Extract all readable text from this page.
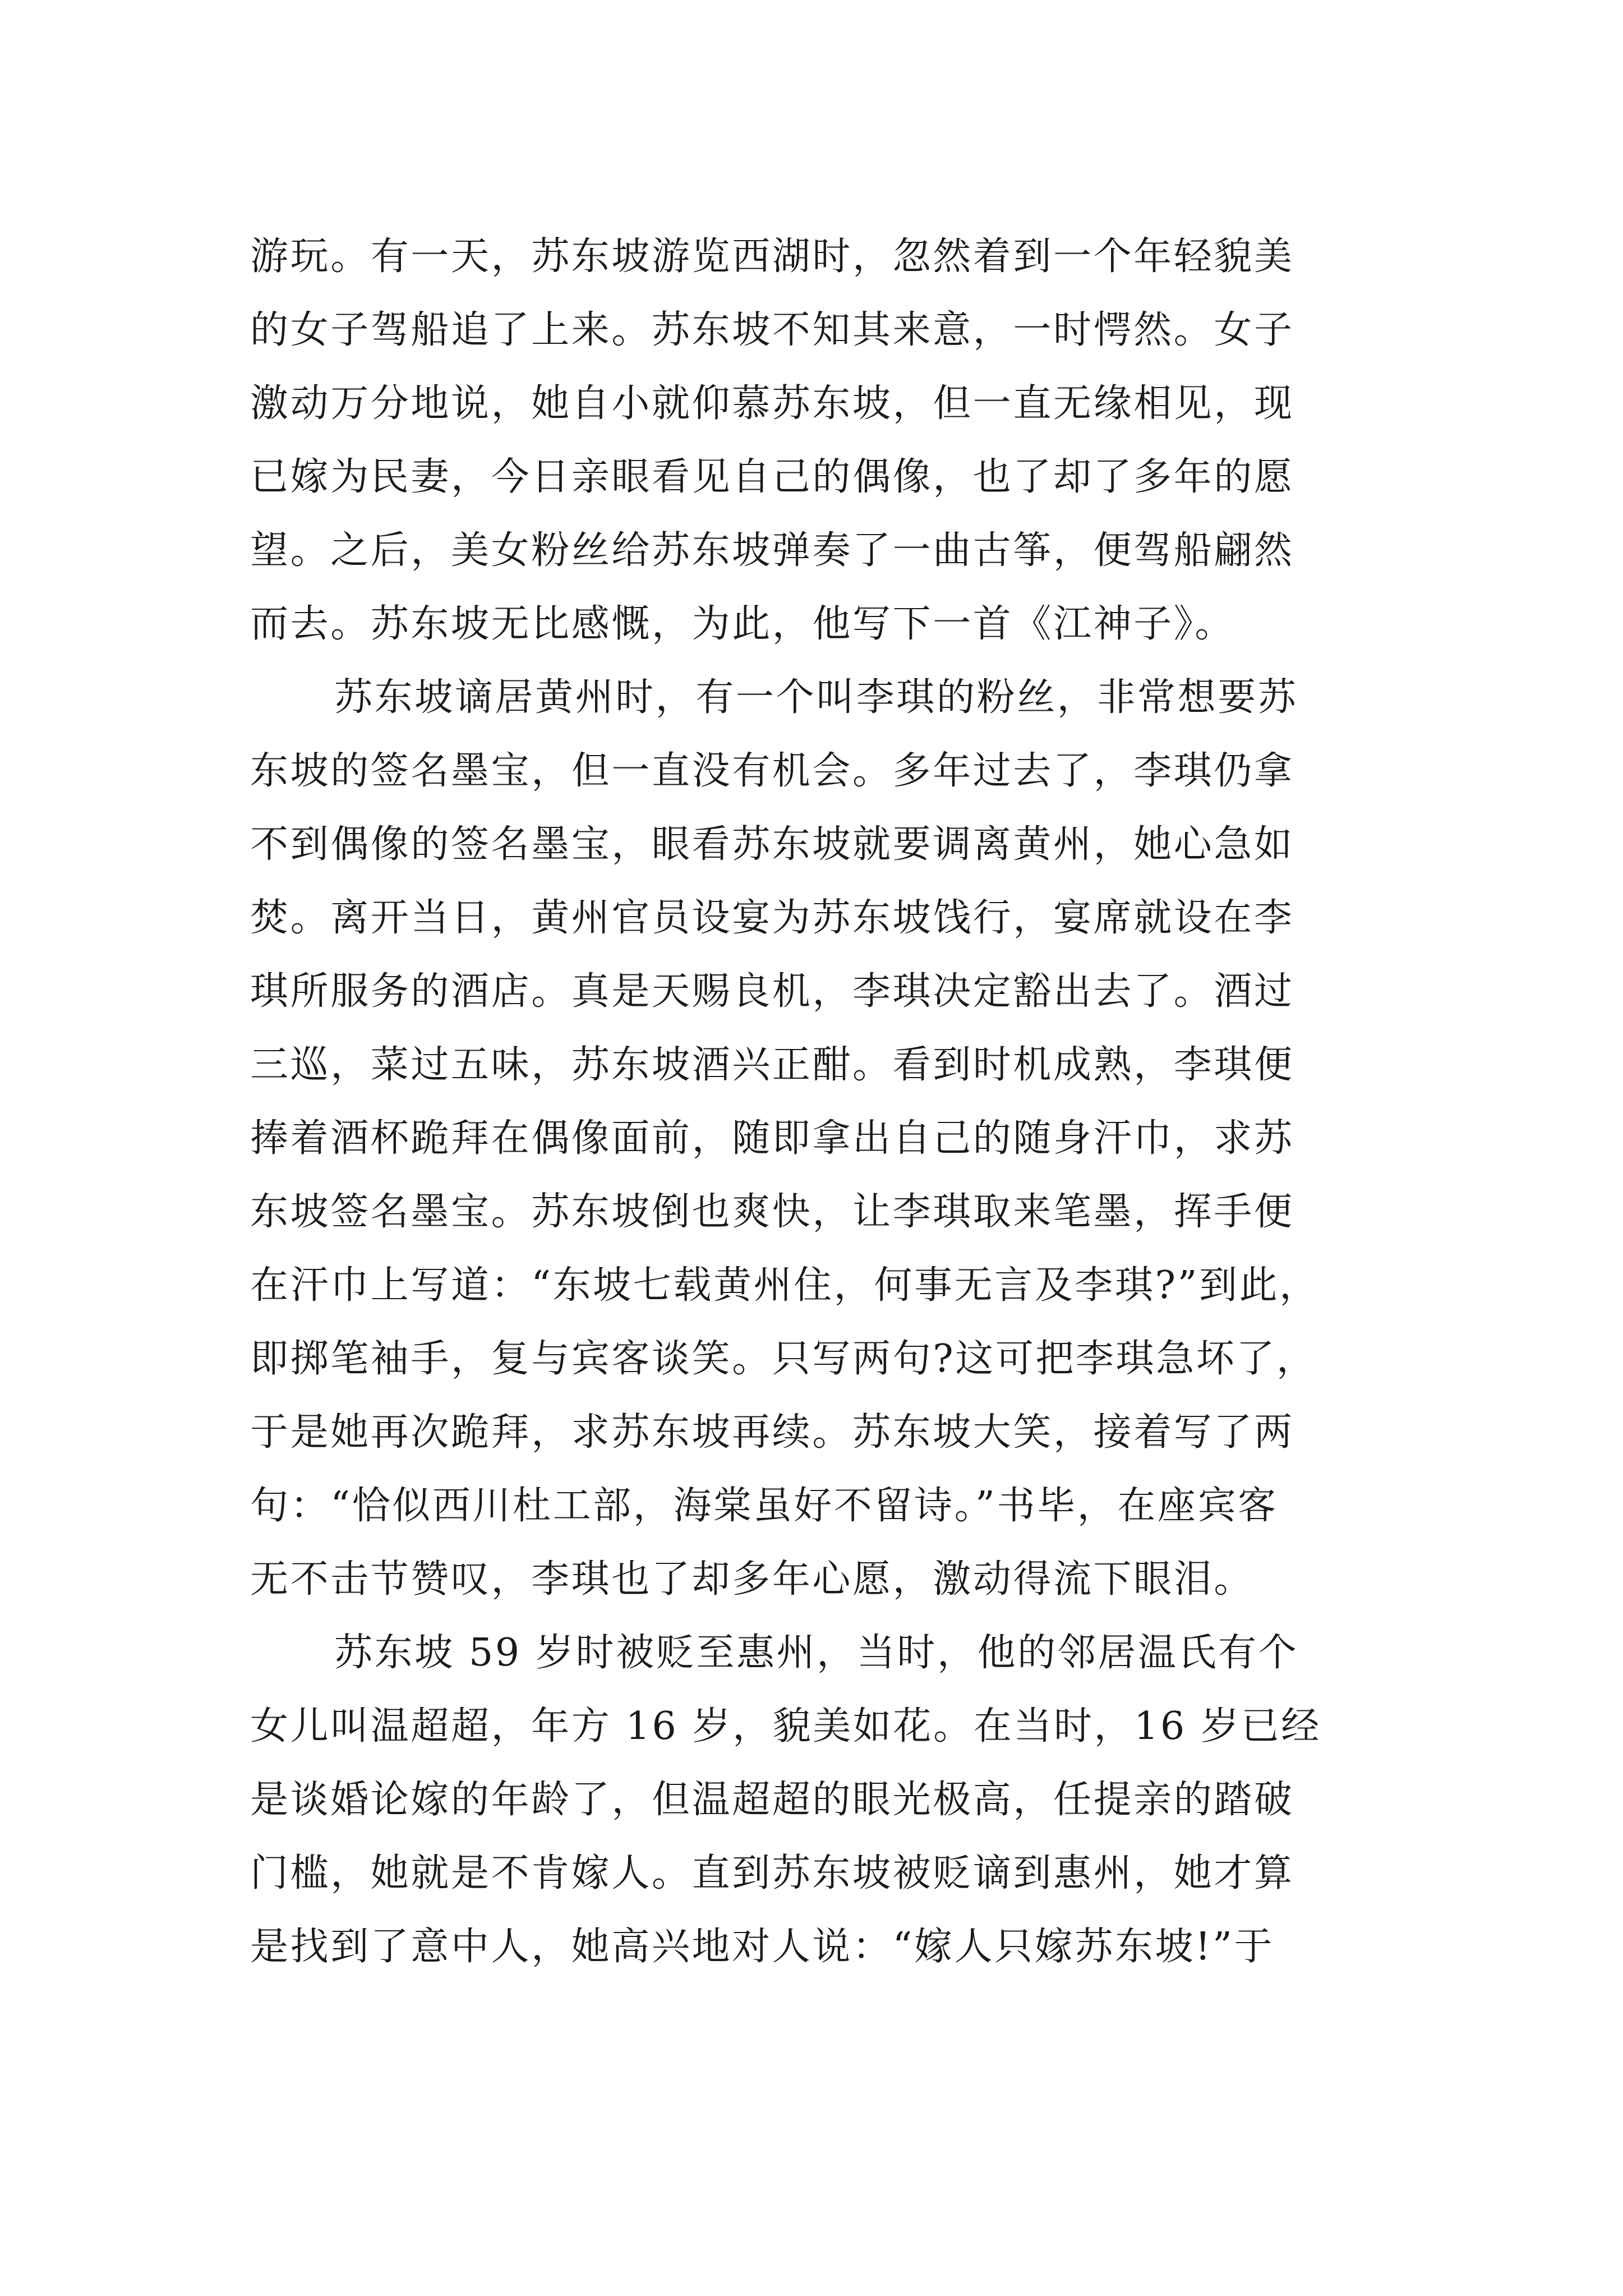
游玩。有一天，苏东坡游览西湖时，忽然着到一个年轻貌美
的女子驾船追了上来。苏东坡不知其来意，一时愕然。女子
激动万分地说，她自小就仰慕苏东坡，但一直无缘相见，现
已嫁为民妻，今日亲眼看见自己的偶像，也了却了多年的愿
望。之后，美女粉丝给苏东坡弹奏了一曲古筝，便驾船翩然
而去。苏东坡无比感慨，为此，他写下一首《江神子》。
苏东坡谪居黄州时，有一个叫李琪的粉丝，非常想要苏
东坡的签名墨宝，但一直没有机会。多年过去了，李琪仍拿
不到偶像的签名墨宝，眼看苏东坡就要调离黄州，她心急如
焚。离开当日，黄州官员设宴为苏东坡饯行，宴席就设在李
琪所服务的酒店。真是天赐良机，李琪决定豁出去了。酒过
三巡，菜过五味，苏东坡酒兴正酣。看到时机成熟，李琪便
捧着酒杯跪拜在偶像面前，随即拿出自己的随身汗巾，求苏
东坡签名墨宝。苏东坡倒也爽快，让李琪取来笔墨，挥手便
在汗巾上写道：“东坡七载黄州住，何事无言及李琪?”到此，
即掷笔袖手，复与宾客谈笑。只写两句?这可把李琪急坏了，
于是她再次跪拜，求苏东坡再续。苏东坡大笑，接着写了两
句：“恰似西川杜工部，海棠虽好不留诗。”书毕，在座宾客
无不击节赞叹，李琪也了却多年心愿，激动得流下眼泪。
苏东坡 59 岁时被贬至惠州，当时，他的邻居温氏有个
女儿叫温超超，年方 16 岁，貌美如花。在当时，16 岁已经
是谈婚论嫁的年龄了，但温超超的眼光极高，任提亲的踏破
门槛，她就是不肯嫁人。直到苏东坡被贬谪到惠州，她才算
是找到了意中人，她高兴地对人说：“嫁人只嫁苏东坡!”于
